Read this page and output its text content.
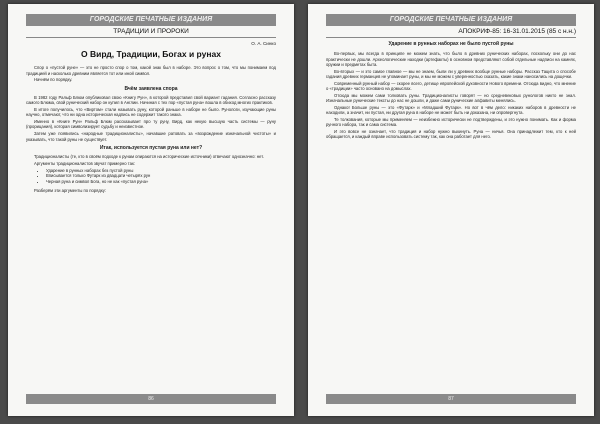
ГОРОДСКИЕ ПЕЧАТНЫЕ ИЗДАНИЯ
ТРАДИЦИИ И ПРОРОКИ
О. А. Синко
О Вирд, Традиции, Богах и рунах

Спор о «пустой руне» — это не просто спор о том, какой знак был в наборе. Это вопрос о том, что мы понимаем под традицией и насколько древним является тот или иной символ.

Начнём по порядку.

Вчём заявлена спора

В 1982 году Ральф Блюм опубликовал свою «Книгу Рун», в которой представил свой вариант гадания. Согласно рассказу самого Блюма, свой рунический набор он купил в Англии. Начиная с тех пор «пустая руна» вошла в обиход многих практиков.

В итоге получилось, что «Виртом» стали называть руну, которой раньше в наборе не было. Рунологи, изучающие руны научно, отмечают, что ни одна историческая надпись не содержит такого знака.

Именно в «Книге Рун» Ральф Блюм рассказывает про ту руну, Вирд, как некую высшую часть системы — руну (прорицания), которая символизирует судьбу и неизвестное.

Затем уже появились «народные традиционалисты», начавшие ратовать за «возрождение изначальной чистоты» и указывать, что такой руны не существует.

Итак, используется пустая руна или нет?

Традиционалисты (те, кто в своём подходе к рунам опираются на исторические источники) отвечают однозначно: нет.

Аргументы традиционалистов звучат примерно так:

• Ударение в рунных наборах без пустой руны
• Вписывается только Футарк из двадцати четырёх рун
• Черная руна и символ Бога, но не как «пустая руна»

Разберём эти аргументы по порядку:

86
ГОРОДСКИЕ ПЕЧАТНЫЕ ИЗДАНИЯ
АПОКРИФ-85: 16-31.01.2015 (85 с н.н.)
Ударение в рунных наборах не было пустой руны

Во-первых, мы всегда в принципе не можем знать, что было в древних рунических наборах, поскольку они до нас практически не дошли. Археологические находки (артефакты) в основном представляют собой отдельные надписи на камнях, оружии и предметах быта.

Во-вторых — и это самое главное — мы не знаем, были ли у древних вообще рунные наборы. Рассказ Тацита о способе гадания древних германцев не упоминает руны, и мы не можем с уверенностью сказать, какие знаки наносились на дощечки.

Современный рунный набор — скорее всего, детище европейской духовности Нового времени. Отсюда видно, что мнение о «традиции» часто основано на домыслах.

Отсюда мы можем сами толковать руны. Традиционалисты говорят — но средневековых рунологов никто не знал. Изначальные рунические тексты до нас не дошли, и даже сами рунические алфавиты менялись.

Однако! Больше руны — это «Футарк» и «Младший Футарк». Но вот в чём дело: никаких наборов в древности не находили, а значит, ни пустая, ни другая руна в наборе не может быть ни доказана, ни опровергнута.

Те толкования, которые мы применяем — неизбежно исторически не подтверждены, и это нужно понимать. Как и форма рунного набора, так и сама система.

И это вовсе не означает, что традиция и набор нужно выкинуть. Руна — ничья. Она принадлежит тем, кто к ней обращается, и каждый вправе использовать систему так, как она работает для него.

87
